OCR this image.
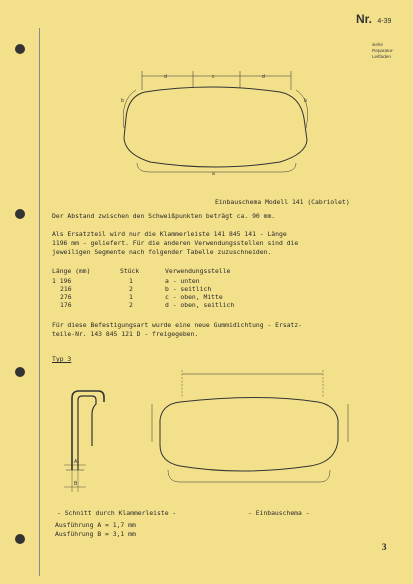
Nr. 4-39
siehe
Reparatur-
Leitfaden
d	c	d
b	b
a
Einbauschema Modell 141 (Cabriolet)
Der Abstand zwischen den Schweißpunkten beträgt ca. 90 mm.
Als Ersatzteil wird nur die Klammerleiste 141 845 141 - Länge
1196 mm - geliefert. Für die anderen Verwendungsstellen sind die
jeweiligen Segmente nach folgender Tabelle zuzuschneiden.
Länge (mm)	Stück	Verwendungsstelle
1 196	1	a - unten
216	2	b - seitlich
276	1	c - oben, Mitte
176	2	d - oben, seitlich
Für diese Befestigungsart wurde eine neue Gummidichtung - Ersatz-
teile-Nr. 143 845 121 D - freigegeben.
Typ 3
A
B
- Schnitt durch Klammerleiste -	- Einbauschema -
Ausführung A = 1,7 mm
Ausführung B = 3,1 mm
3
